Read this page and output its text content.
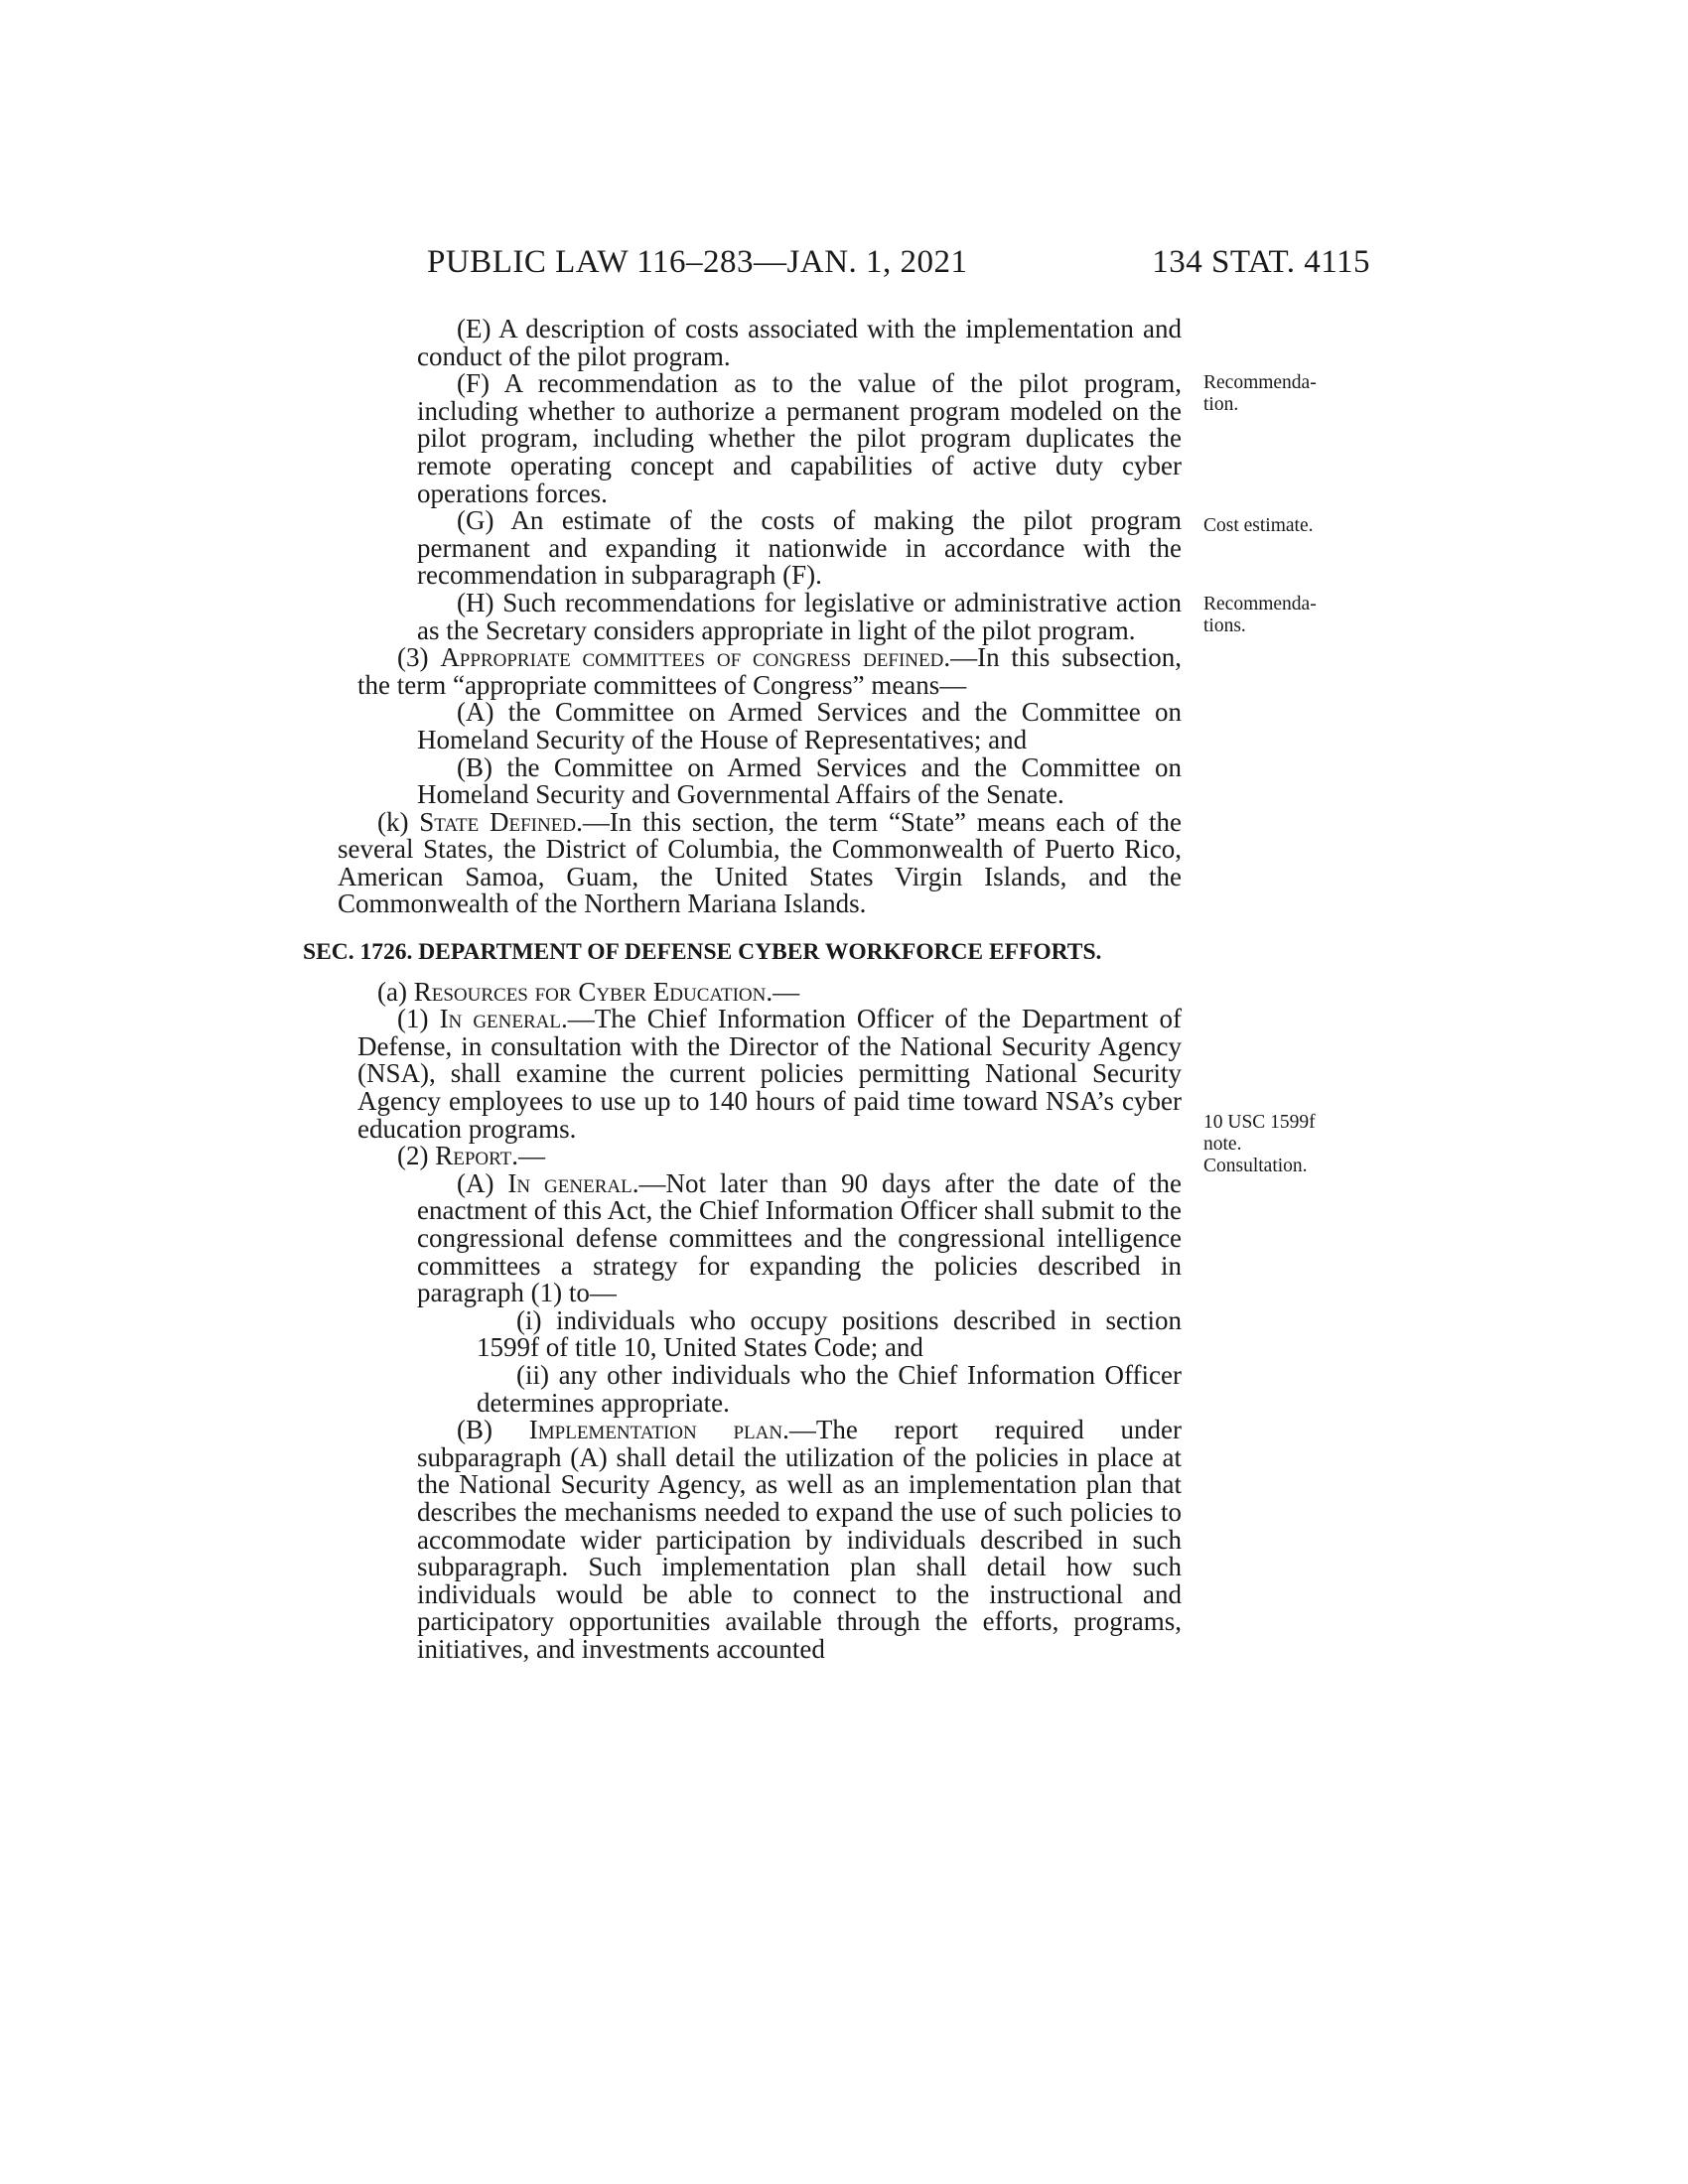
PUBLIC LAW 116–283—JAN. 1, 2021	134 STAT. 4115

(E) A description of costs associated with the implementation and conduct of the pilot program.

(F) A recommendation as to the value of the pilot program, including whether to authorize a permanent program modeled on the pilot program, including whether the pilot program duplicates the remote operating concept and capabilities of active duty cyber operations forces.

(G) An estimate of the costs of making the pilot program permanent and expanding it nationwide in accordance with the recommendation in subparagraph (F).

(H) Such recommendations for legislative or administrative action as the Secretary considers appropriate in light of the pilot program.

(3) Appropriate committees of congress defined.—In this subsection, the term “appropriate committees of Congress” means—

(A) the Committee on Armed Services and the Committee on Homeland Security of the House of Representatives; and

(B) the Committee on Armed Services and the Committee on Homeland Security and Governmental Affairs of the Senate.

(k) State Defined.—In this section, the term “State” means each of the several States, the District of Columbia, the Commonwealth of Puerto Rico, American Samoa, Guam, the United States Virgin Islands, and the Commonwealth of the Northern Mariana Islands.

SEC. 1726. DEPARTMENT OF DEFENSE CYBER WORKFORCE EFFORTS.

(a) Resources for Cyber Education.—

(1) In general.—The Chief Information Officer of the Department of Defense, in consultation with the Director of the National Security Agency (NSA), shall examine the current policies permitting National Security Agency employees to use up to 140 hours of paid time toward NSA’s cyber education programs.

(2) Report.—

(A) In general.—Not later than 90 days after the date of the enactment of this Act, the Chief Information Officer shall submit to the congressional defense committees and the congressional intelligence committees a strategy for expanding the policies described in paragraph (1) to—

(i) individuals who occupy positions described in section 1599f of title 10, United States Code; and

(ii) any other individuals who the Chief Information Officer determines appropriate.

(B) Implementation plan.—The report required under subparagraph (A) shall detail the utilization of the policies in place at the National Security Agency, as well as an implementation plan that describes the mechanisms needed to expand the use of such policies to accommodate wider participation by individuals described in such subparagraph. Such implementation plan shall detail how such individuals would be able to connect to the instructional and participatory opportunities available through the efforts, programs, initiatives, and investments accounted

Recommenda-
tion.
Cost estimate.
Recommenda-
tions.
10 USC 1599f
note.
Consultation.
